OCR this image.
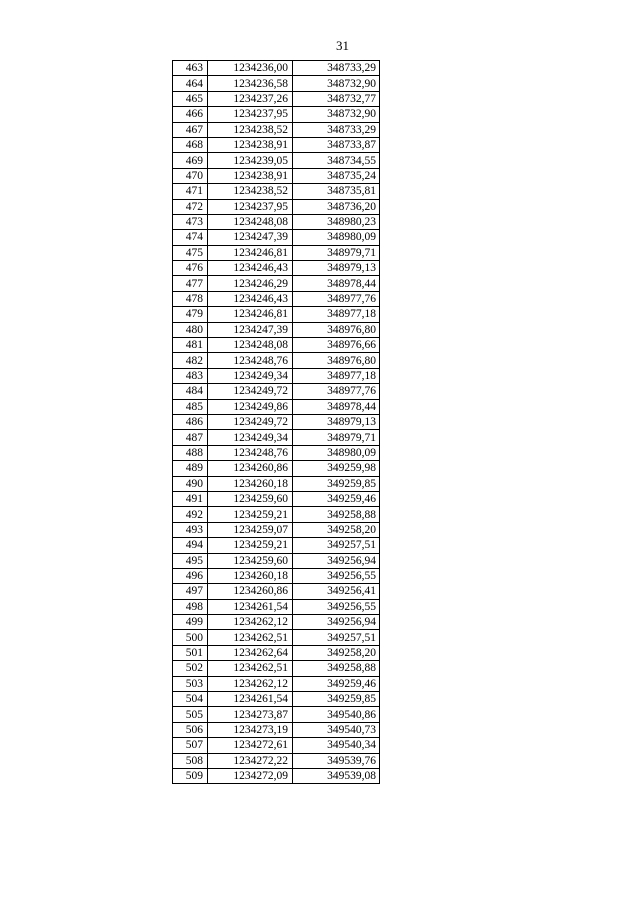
31
463	1234236,00	348733,29
464	1234236,58	348732,90
465	1234237,26	348732,77
466	1234237,95	348732,90
467	1234238,52	348733,29
468	1234238,91	348733,87
469	1234239,05	348734,55
470	1234238,91	348735,24
471	1234238,52	348735,81
472	1234237,95	348736,20
473	1234248,08	348980,23
474	1234247,39	348980,09
475	1234246,81	348979,71
476	1234246,43	348979,13
477	1234246,29	348978,44
478	1234246,43	348977,76
479	1234246,81	348977,18
480	1234247,39	348976,80
481	1234248,08	348976,66
482	1234248,76	348976,80
483	1234249,34	348977,18
484	1234249,72	348977,76
485	1234249,86	348978,44
486	1234249,72	348979,13
487	1234249,34	348979,71
488	1234248,76	348980,09
489	1234260,86	349259,98
490	1234260,18	349259,85
491	1234259,60	349259,46
492	1234259,21	349258,88
493	1234259,07	349258,20
494	1234259,21	349257,51
495	1234259,60	349256,94
496	1234260,18	349256,55
497	1234260,86	349256,41
498	1234261,54	349256,55
499	1234262,12	349256,94
500	1234262,51	349257,51
501	1234262,64	349258,20
502	1234262,51	349258,88
503	1234262,12	349259,46
504	1234261,54	349259,85
505	1234273,87	349540,86
506	1234273,19	349540,73
507	1234272,61	349540,34
508	1234272,22	349539,76
509	1234272,09	349539,08
